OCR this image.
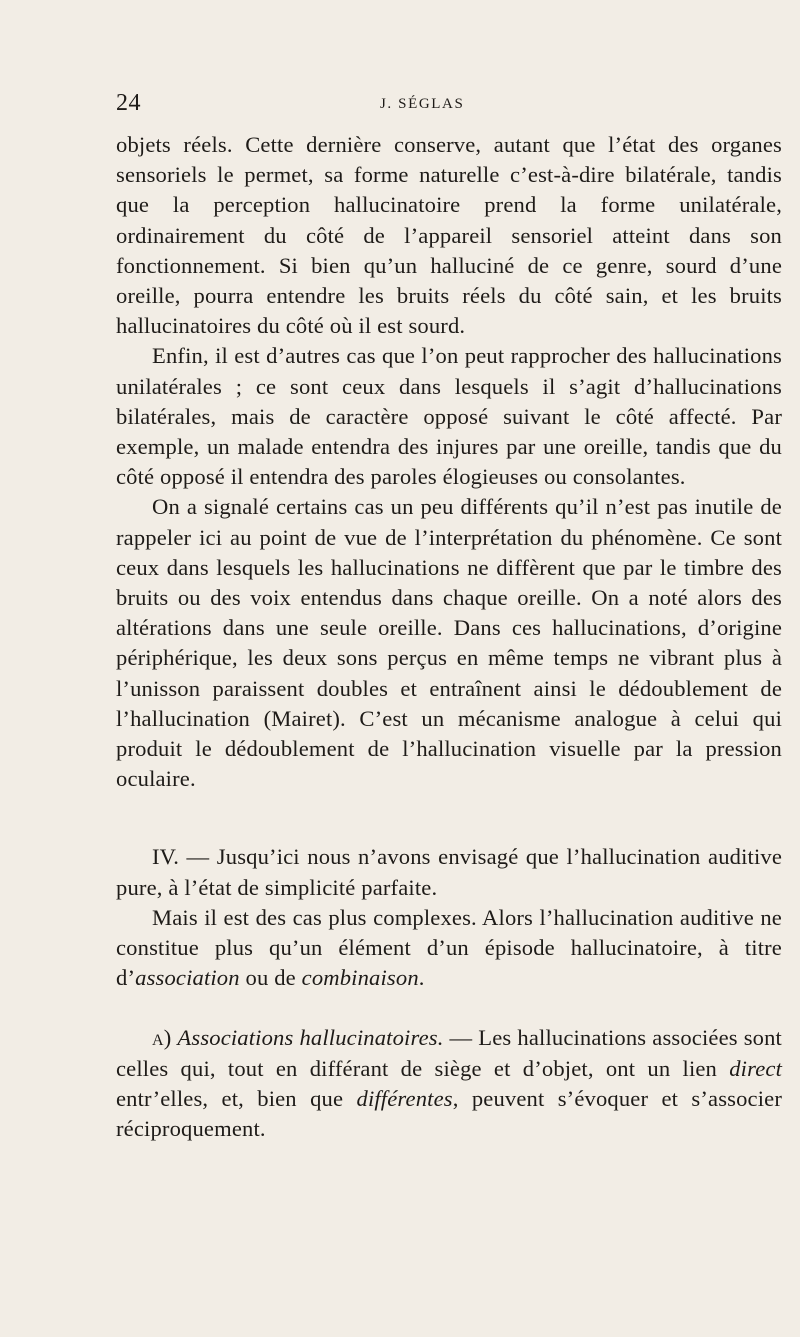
24	J. SÉGLAS

objets réels. Cette dernière conserve, autant que l’état des organes sensoriels le permet, sa forme naturelle c’est-à-dire bilatérale, tandis que la perception hallucinatoire prend la forme unilatérale, ordinairement du côté de l’appareil sensoriel atteint dans son fonctionnement. Si bien qu’un halluciné de ce genre, sourd d’une oreille, pourra entendre les bruits réels du côté sain, et les bruits hallucinatoires du côté où il est sourd.

Enfin, il est d’autres cas que l’on peut rapprocher des hallucinations unilatérales ; ce sont ceux dans lesquels il s’agit d’hallucinations bilatérales, mais de caractère opposé suivant le côté affecté. Par exemple, un malade entendra des injures par une oreille, tandis que du côté opposé il entendra des paroles élogieuses ou consolantes.

On a signalé certains cas un peu différents qu’il n’est pas inutile de rappeler ici au point de vue de l’interprétation du phénomène. Ce sont ceux dans lesquels les hallucinations ne diffèrent que par le timbre des bruits ou des voix entendus dans chaque oreille. On a noté alors des altérations dans une seule oreille. Dans ces hallucinations, d’origine périphérique, les deux sons perçus en même temps ne vibrant plus à l’unisson paraissent doubles et entraînent ainsi le dédoublement de l’hallucination (Mairet). C’est un mécanisme analogue à celui qui produit le dédoublement de l’hallucination visuelle par la pression oculaire.

IV. — Jusqu’ici nous n’avons envisagé que l’hallucination auditive pure, à l’état de simplicité parfaite.

Mais il est des cas plus complexes. Alors l’hallucination auditive ne constitue plus qu’un élément d’un épisode hallucinatoire, à titre d’association ou de combinaison.

a) Associations hallucinatoires. — Les hallucinations associées sont celles qui, tout en différant de siège et d’objet, ont un lien direct entr’elles, et, bien que différentes, peuvent s’évoquer et s’associer réciproquement.
